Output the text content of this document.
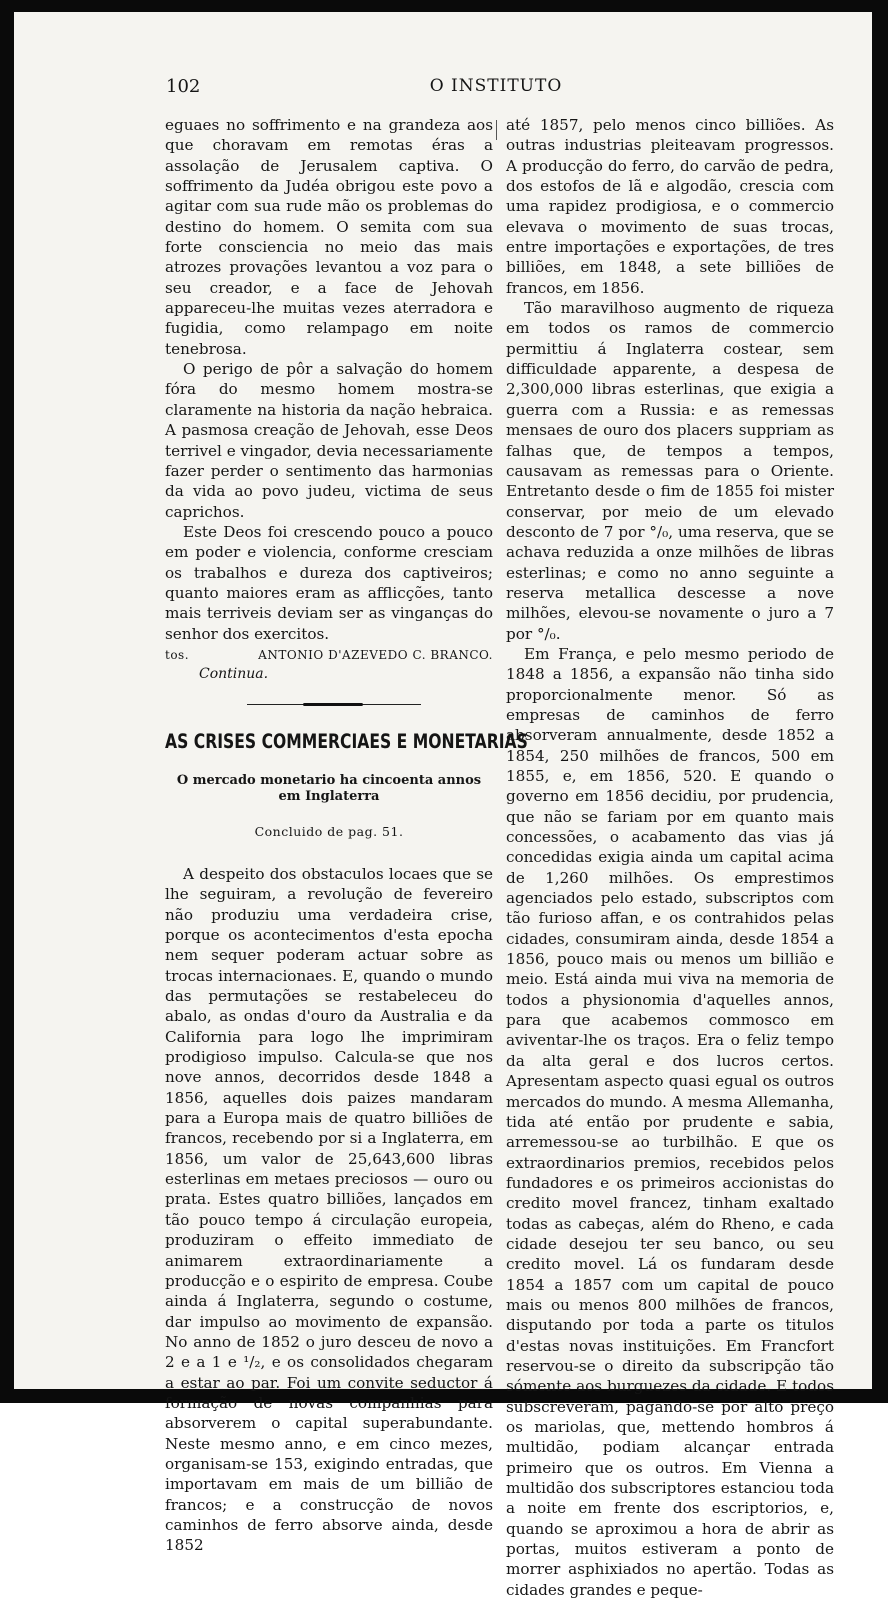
102	O INSTITUTO

eguaes no soffrimento e na grandeza aos que choravam em remotas éras a assolação de Jerusalem captiva. O soffrimento da Judéa obrigou este povo a agitar com sua rude mão os problemas do destino do homem. O semita com sua forte consciencia no meio das mais atrozes provações levantou a voz para o seu creador, e a face de Jehovah appareceu-lhe muitas vezes aterradora e fugidia, como relampago em noite tenebrosa.

O perigo de pôr a salvação do homem fóra do mesmo homem mostra-se claramente na historia da nação hebraica. A pasmosa creação de Jehovah, esse Deos terrivel e vingador, devia necessariamente fazer perder o sentimento das harmonias da vida ao povo judeu, victima de seus caprichos.

Este Deos foi crescendo pouco a pouco em poder e violencia, conforme cresciam os trabalhos e dureza dos captiveiros; quanto maiores eram as afflicções, tanto mais terriveis deviam ser as vinganças do senhor dos exercitos.

tos.	ANTONIO D'AZEVEDO C. BRANCO.
Continua.
AS CRISES COMMERCIAES E MONETARIAS
O mercado monetario ha cincoenta annos em Inglaterra
Concluido de pag. 51.

A despeito dos obstaculos locaes que se lhe seguiram, a revolução de fevereiro não produziu uma verdadeira crise, porque os acontecimentos d'esta epocha nem sequer poderam actuar sobre as trocas internacionaes. E, quando o mundo das permutações se restabeleceu do abalo, as ondas d'ouro da Australia e da California para logo lhe imprimiram prodigioso impulso. Calcula-se que nos nove annos, decorridos desde 1848 a 1856, aquelles dois paizes mandaram para a Europa mais de quatro billiões de francos, recebendo por si a Inglaterra, em 1856, um valor de 25,643,600 libras esterlinas em metaes preciosos — ouro ou prata. Estes quatro billiões, lançados em tão pouco tempo á circulação europeia, produziram o effeito immediato de animarem extraordinariamente a producção e o espirito de empresa. Coube ainda á Inglaterra, segundo o costume, dar impulso ao movimento de expansão. No anno de 1852 o juro desceu de novo a 2 e a 1 e ¹/₂, e os consolidados chegaram a estar ao par. Foi um convite seductor á formação de novas companhias para absorverem o capital superabundante. Neste mesmo anno, e em cinco mezes, organisam-se 153, exigindo entradas, que importavam em mais de um billião de francos; e a construcção de novos caminhos de ferro absorve ainda, desde 1852

até 1857, pelo menos cinco billiões. As outras industrias pleiteavam progressos. A producção do ferro, do carvão de pedra, dos estofos de lã e algodão, crescia com uma rapidez prodigiosa, e o commercio elevava o movimento de suas trocas, entre importações e exportações, de tres billiões, em 1848, a sete billiões de francos, em 1856.

Tão maravilhoso augmento de riqueza em todos os ramos de commercio permittiu á Inglaterra costear, sem difficuldade apparente, a despesa de 2,300,000 libras esterlinas, que exigia a guerra com a Russia: e as remessas mensaes de ouro dos placers suppriam as falhas que, de tempos a tempos, causavam as remessas para o Oriente. Entretanto desde o fim de 1855 foi mister conservar, por meio de um elevado desconto de 7 por °/₀, uma reserva, que se achava reduzida a onze milhões de libras esterlinas; e como no anno seguinte a reserva metallica descesse a nove milhões, elevou-se novamente o juro a 7 por °/₀.

Em França, e pelo mesmo periodo de 1848 a 1856, a expansão não tinha sido proporcionalmente menor. Só as empresas de caminhos de ferro absorveram annualmente, desde 1852 a 1854, 250 milhões de francos, 500 em 1855, e, em 1856, 520. E quando o governo em 1856 decidiu, por prudencia, que não se fariam por em quanto mais concessões, o acabamento das vias já concedidas exigia ainda um capital acima de 1,260 milhões. Os emprestimos agenciados pelo estado, subscriptos com tão furioso affan, e os contrahidos pelas cidades, consumiram ainda, desde 1854 a 1856, pouco mais ou menos um billião e meio. Está ainda mui viva na memoria de todos a physionomia d'aquelles annos, para que acabemos commosco em aviventar-lhe os traços. Era o feliz tempo da alta geral e dos lucros certos. Apresentam aspecto quasi egual os outros mercados do mundo. A mesma Allemanha, tida até então por prudente e sabia, arremessou-se ao turbilhão. E que os extraordinarios premios, recebidos pelos fundadores e os primeiros accionistas do credito movel francez, tinham exaltado todas as cabeças, além do Rheno, e cada cidade desejou ter seu banco, ou seu credito movel. Lá os fundaram desde 1854 a 1857 com um capital de pouco mais ou menos 800 milhões de francos, disputando por toda a parte os titulos d'estas novas instituições. Em Francfort reservou-se o direito da subscripção tão sómente aos burguezes da cidade. E todos subscreveram, pagando-se por alto preço os mariolas, que, mettendo hombros á multidão, podiam alcançar entrada primeiro que os outros. Em Vienna a multidão dos subscriptores estanciou toda a noite em frente dos escriptorios, e, quando se aproximou a hora de abrir as portas, muitos estiveram a ponto de morrer asphixiados no apertão. Todas as cidades grandes e peque-
